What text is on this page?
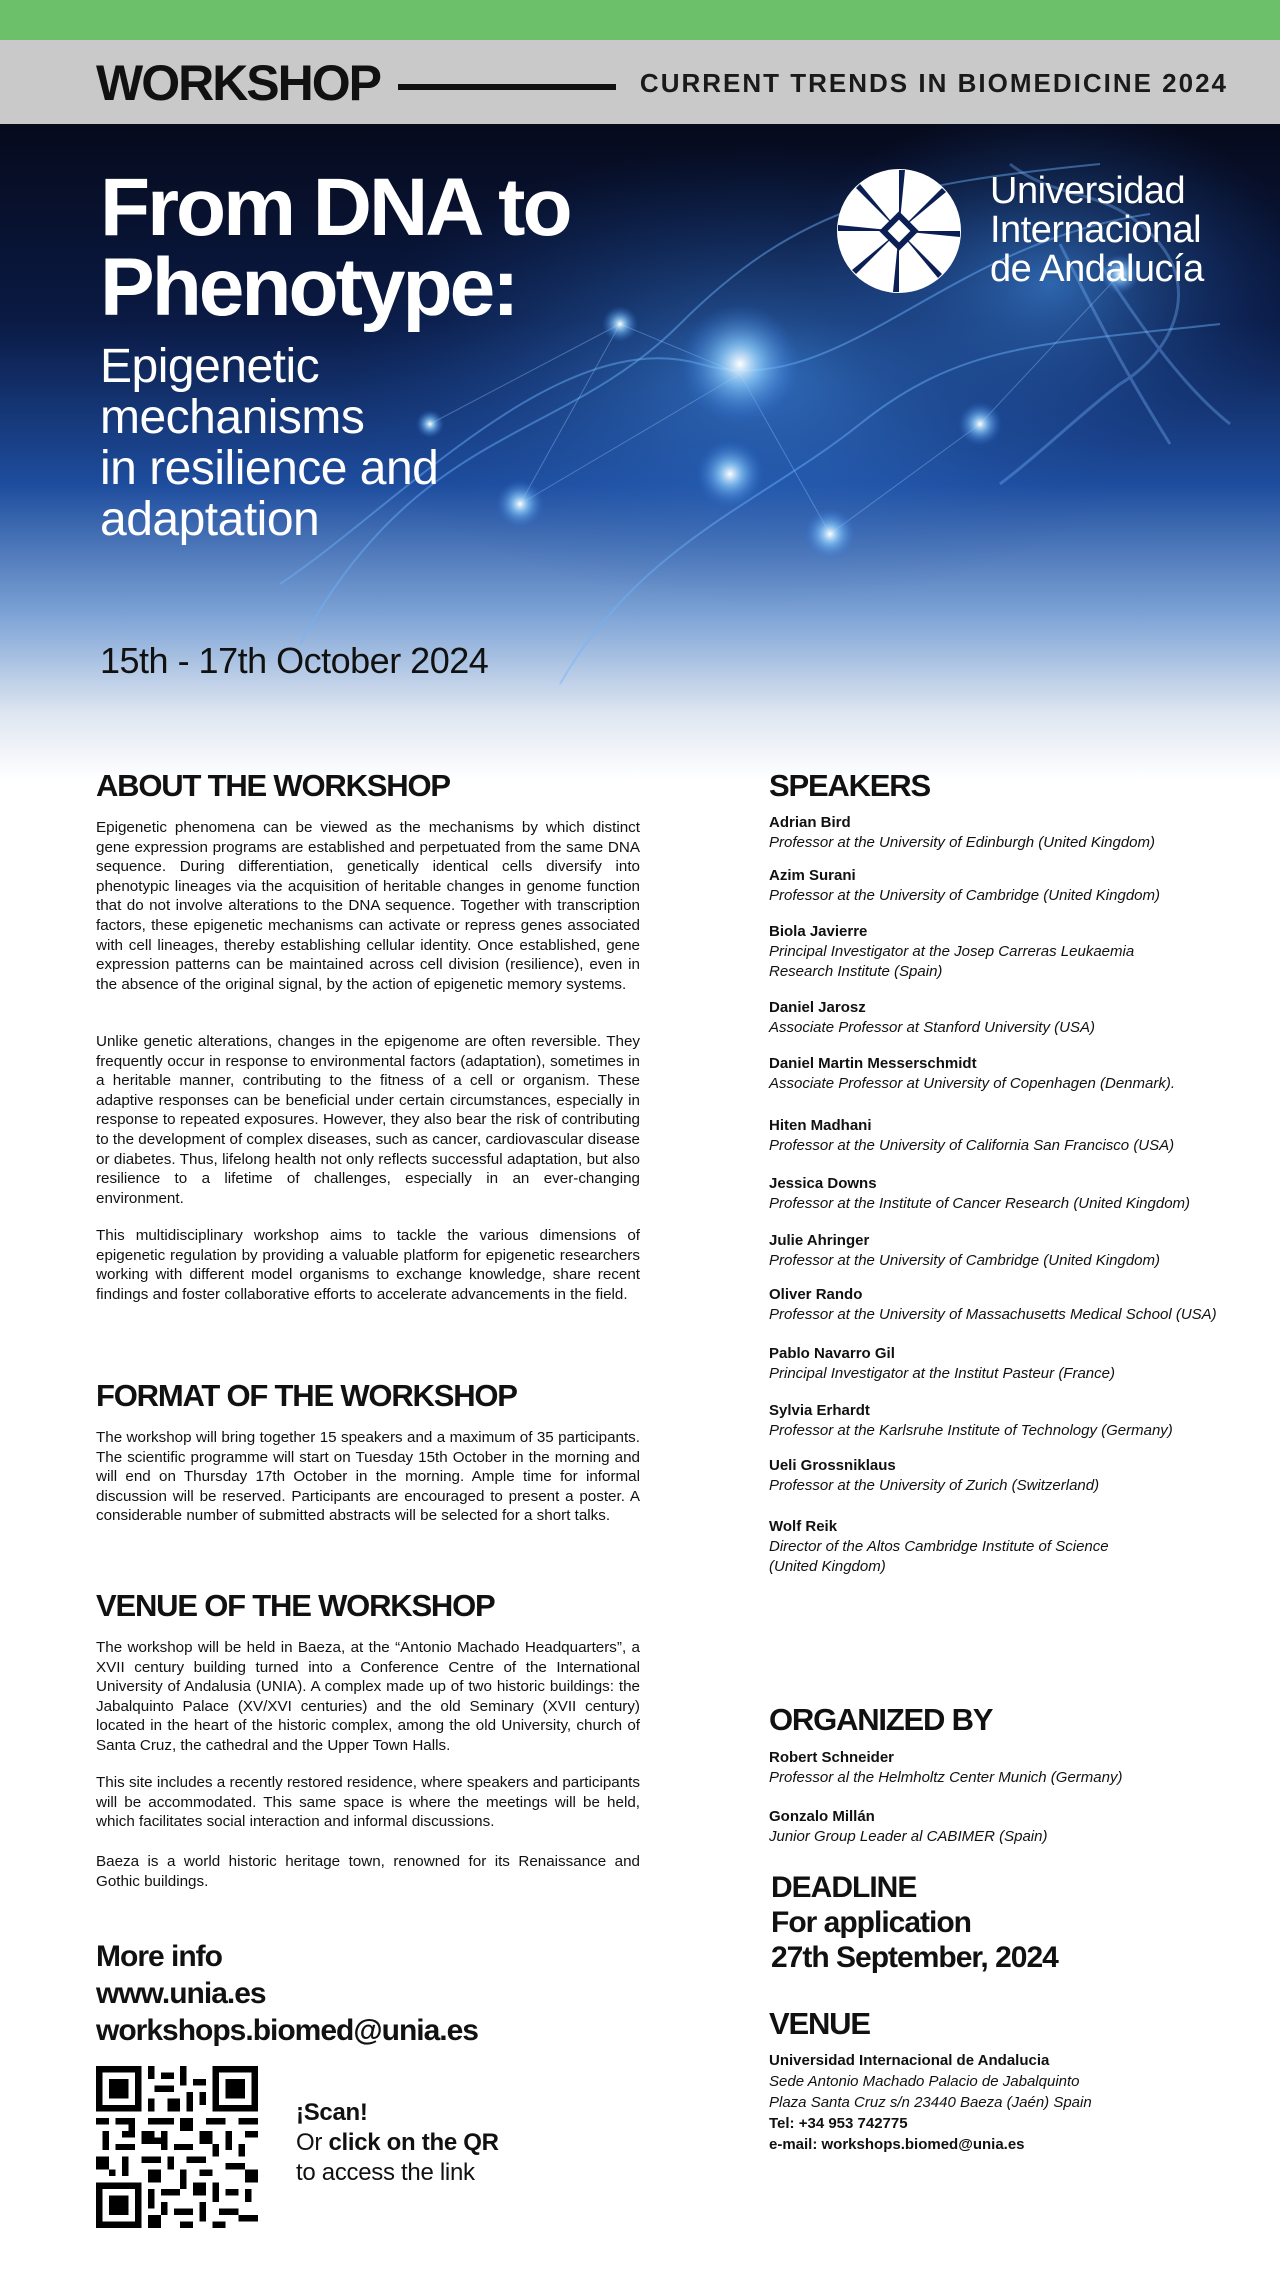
WORKSHOP	CURRENT TRENDS IN BIOMEDICINE 2024
From DNA to
Phenotype:
Epigenetic
mechanisms
in resilience and
adaptation
15th - 17th October 2024
Universidad
Internacional
de Andalucía
ABOUT THE WORKSHOP

Epigenetic phenomena can be viewed as the mechanisms by which distinct gene expression programs are established and perpetuated from the same DNA sequence. During differentiation, genetically identical cells diversify into phenotypic lineages via the acquisition of heritable changes in genome function that do not involve alterations to the DNA sequence. Together with transcription factors, these epigenetic mechanisms can activate or repress genes associated with cell lineages, thereby establishing cellular identity. Once established, gene expression patterns can be maintained across cell division (resilience), even in the absence of the original signal, by the action of epigenetic memory systems.

Unlike genetic alterations, changes in the epigenome are often reversible. They frequently occur in response to environmental factors (adaptation), sometimes in a heritable manner, contributing to the fitness of a cell or organism. These adaptive responses can be beneficial under certain circumstances, especially in response to repeated exposures. However, they also bear the risk of contributing to the development of complex diseases, such as cancer, cardiovascular disease or diabetes. Thus, lifelong health not only reflects successful adaptation, but also resilience to a lifetime of challenges, especially in an ever-changing environment.

This multidisciplinary workshop aims to tackle the various dimensions of epigenetic regulation by providing a valuable platform for epigenetic researchers working with different model organisms to exchange knowledge, share recent findings and foster collaborative efforts to accelerate advancements in the field.

FORMAT OF THE WORKSHOP

The workshop will bring together 15 speakers and a maximum of 35 participants. The scientific programme will start on Tuesday 15th October in the morning and will end on Thursday 17th October in the morning. Ample time for informal discussion will be reserved. Participants are encouraged to present a poster. A considerable number of submitted abstracts will be selected for a short talks.

VENUE OF THE WORKSHOP

The workshop will be held in Baeza, at the “Antonio Machado Headquarters”, a XVII century building turned into a Conference Centre of the International University of Andalusia (UNIA). A complex made up of two historic buildings: the Jabalquinto Palace (XV/XVI centuries) and the old Seminary (XVII century) located in the heart of the historic complex, among the old University, church of Santa Cruz, the cathedral and the Upper Town Halls.

This site includes a recently restored residence, where speakers and participants will be accommodated. This same space is where the meetings will be held, which facilitates social interaction and informal discussions.

Baeza is a world historic heritage town, renowned for its Renaissance and Gothic buildings.

More info
www.unia.es
workshops.biomed@unia.es
¡Scan!
Or click on the QR
to access the link
SPEAKERS
Adrian Bird
Professor at the University of Edinburgh (United Kingdom)
Azim Surani
Professor at the University of Cambridge (United Kingdom)
Biola Javierre
Principal Investigator at the Josep Carreras Leukaemia
Research Institute (Spain)
Daniel Jarosz
Associate Professor at Stanford University (USA)
Daniel Martin Messerschmidt
Associate Professor at University of Copenhagen (Denmark).
Hiten Madhani
Professor at the University of California San Francisco (USA)
Jessica Downs
Professor at the Institute of Cancer Research (United Kingdom)
Julie Ahringer
Professor at the University of Cambridge (United Kingdom)
Oliver Rando
Professor at the University of Massachusetts Medical School (USA)
Pablo Navarro Gil
Principal Investigator at the Institut Pasteur (France)
Sylvia Erhardt
Professor at the Karlsruhe Institute of Technology (Germany)
Ueli Grossniklaus
Professor at the University of Zurich (Switzerland)
Wolf Reik
Director of the Altos Cambridge Institute of Science
(United Kingdom)
ORGANIZED BY
Robert Schneider
Professor al the Helmholtz Center Munich (Germany)
Gonzalo Millán
Junior Group Leader al CABIMER (Spain)
DEADLINE
For application
27th September, 2024
VENUE
Universidad Internacional de Andalucia
Sede Antonio Machado Palacio de Jabalquinto
Plaza Santa Cruz s/n 23440 Baeza (Jaén) Spain
Tel: +34 953 742775
e-mail: workshops.biomed@unia.es
